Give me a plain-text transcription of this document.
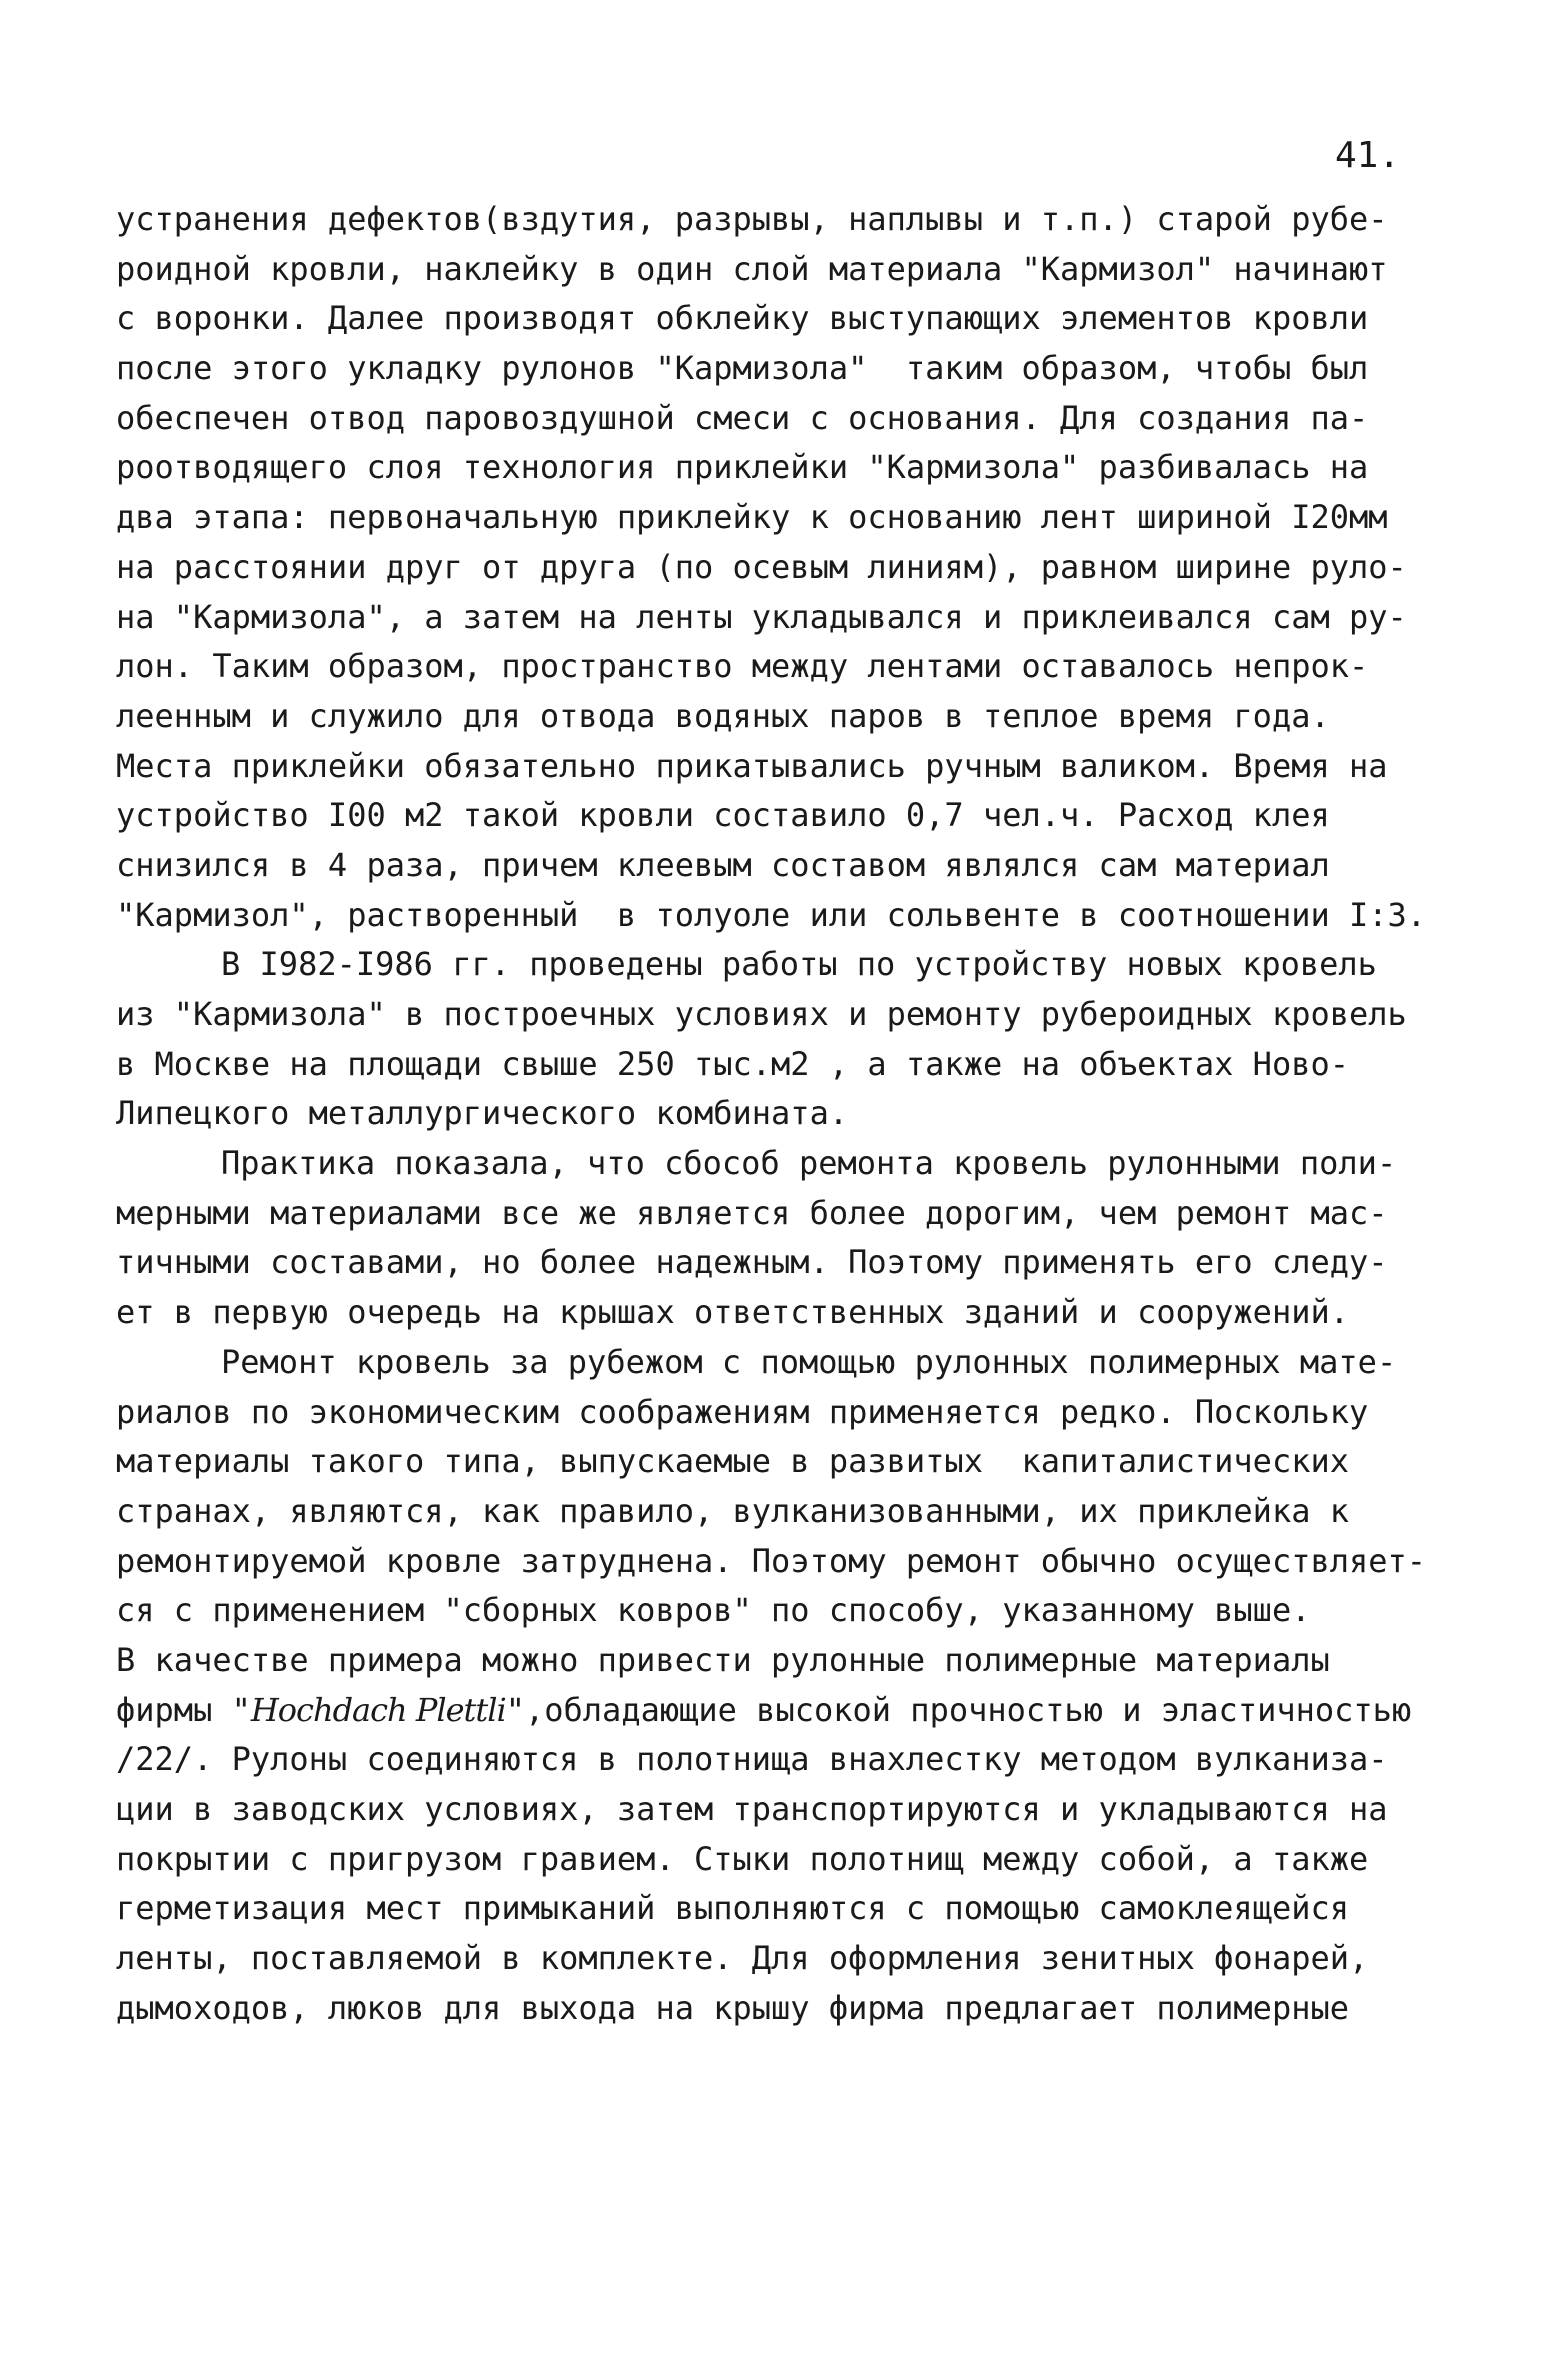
41.
устранения дефектов(вздутия, разрывы, наплывы и т.п.) старой рубе-
роидной кровли, наклейку в один слой материала "Кармизол" начинают
с воронки. Далее производят обклейку выступающих элементов кровли
после этого укладку рулонов "Кармизола"  таким образом, чтобы был
обеспечен отвод паровоздушной смеси с основания. Для создания па-
роотводящего слоя технология приклейки "Кармизола" разбивалась на
два этапа: первоначальную приклейку к основанию лент шириной I20мм
на расстоянии друг от друга (по осевым линиям), равном ширине руло-
на "Кармизола", а затем на ленты укладывался и приклеивался сам ру-
лон. Таким образом, пространство между лентами оставалось непрок-
леенным и служило для отвода водяных паров в теплое время года.
Места приклейки обязательно прикатывались ручным валиком. Время на
устройство I00 м2 такой кровли составило 0,7 чел.ч. Расход клея
снизился в 4 раза, причем клеевым составом являлся сам материал
"Кармизол", растворенный  в толуоле или сольвенте в соотношении I:3.
В I982-I986 гг. проведены работы по устройству новых кровель
из "Кармизола" в построечных условиях и ремонту рубероидных кровель
в Москве на площади свыше 250 тыс.м2 , а также на объектах Ново-
Липецкого металлургического комбината.
Практика показала, что сбособ ремонта кровель рулонными поли-
мерными материалами все же является более дорогим, чем ремонт мас-
тичными составами, но более надежным. Поэтому применять его следу-
ет в первую очередь на крышах ответственных зданий и сооружений.
Ремонт кровель за рубежом с помощью рулонных полимерных мате-
риалов по экономическим соображениям применяется редко. Поскольку
материалы такого типа, выпускаемые в развитых  капиталистических
странах, являются, как правило, вулканизованными, их приклейка к
ремонтируемой кровле затруднена. Поэтому ремонт обычно осуществляет-
ся с применением "сборных ковров" по способу, указанному выше.
В качестве примера можно привести рулонные полимерные материалы
фирмы "Hochdach Plettli",обладающие высокой прочностью и эластичностью
/22/. Рулоны соединяются в полотнища внахлестку методом вулканиза-
ции в заводских условиях, затем транспортируются и укладываются на
покрытии с пригрузом гравием. Стыки полотнищ между собой, а также
герметизация мест примыканий выполняются с помощью самоклеящейся
ленты, поставляемой в комплекте. Для оформления зенитных фонарей,
дымоходов, люков для выхода на крышу фирма предлагает полимерные
